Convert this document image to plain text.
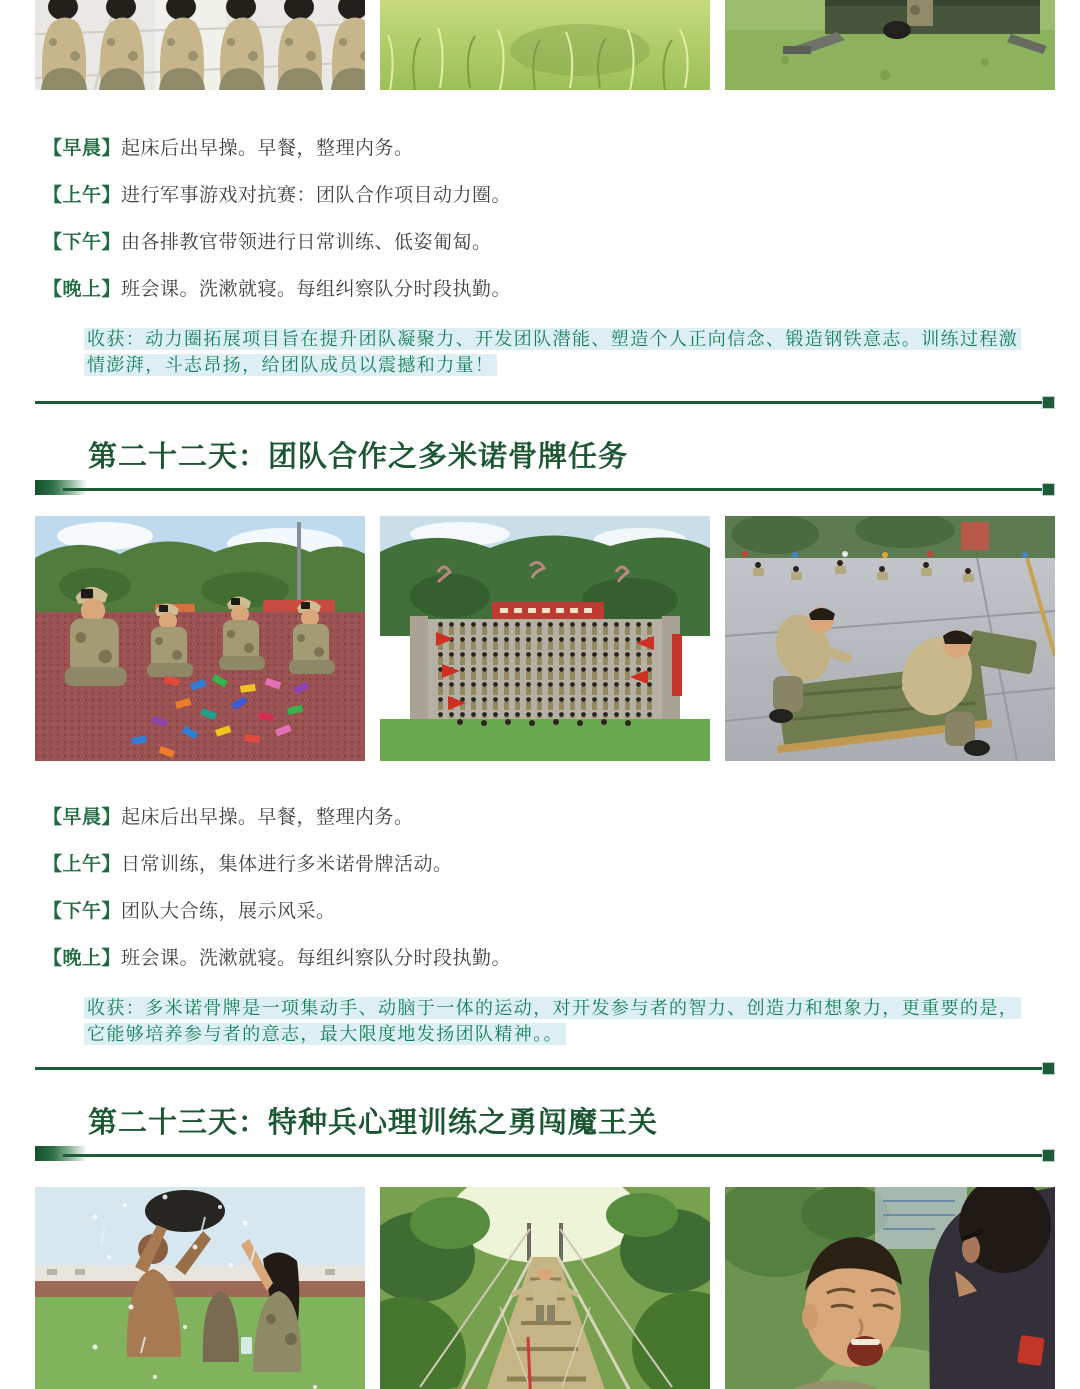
【早晨】起床后出早操。早餐，整理内务。

【上午】进行军事游戏对抗赛：团队合作项目动力圈。

【下午】由各排教官带领进行日常训练、低姿匍匐。

【晚上】班会课。洗漱就寝。每组纠察队分时段执勤。

收获：动力圈拓展项目旨在提升团队凝聚力、开发团队潜能、塑造个人正向信念、锻造钢铁意志。训练过程激情澎湃，斗志昂扬，给团队成员以震撼和力量！

第二十二天：团队合作之多米诺骨牌任务

【早晨】起床后出早操。早餐，整理内务。

【上午】日常训练，集体进行多米诺骨牌活动。

【下午】团队大合练，展示风采。

【晚上】班会课。洗漱就寝。每组纠察队分时段执勤。

收获：多米诺骨牌是一项集动手、动脑于一体的运动，对开发参与者的智力、创造力和想象力，更重要的是，它能够培养参与者的意志，最大限度地发扬团队精神。。

第二十三天：特种兵心理训练之勇闯魔王关
